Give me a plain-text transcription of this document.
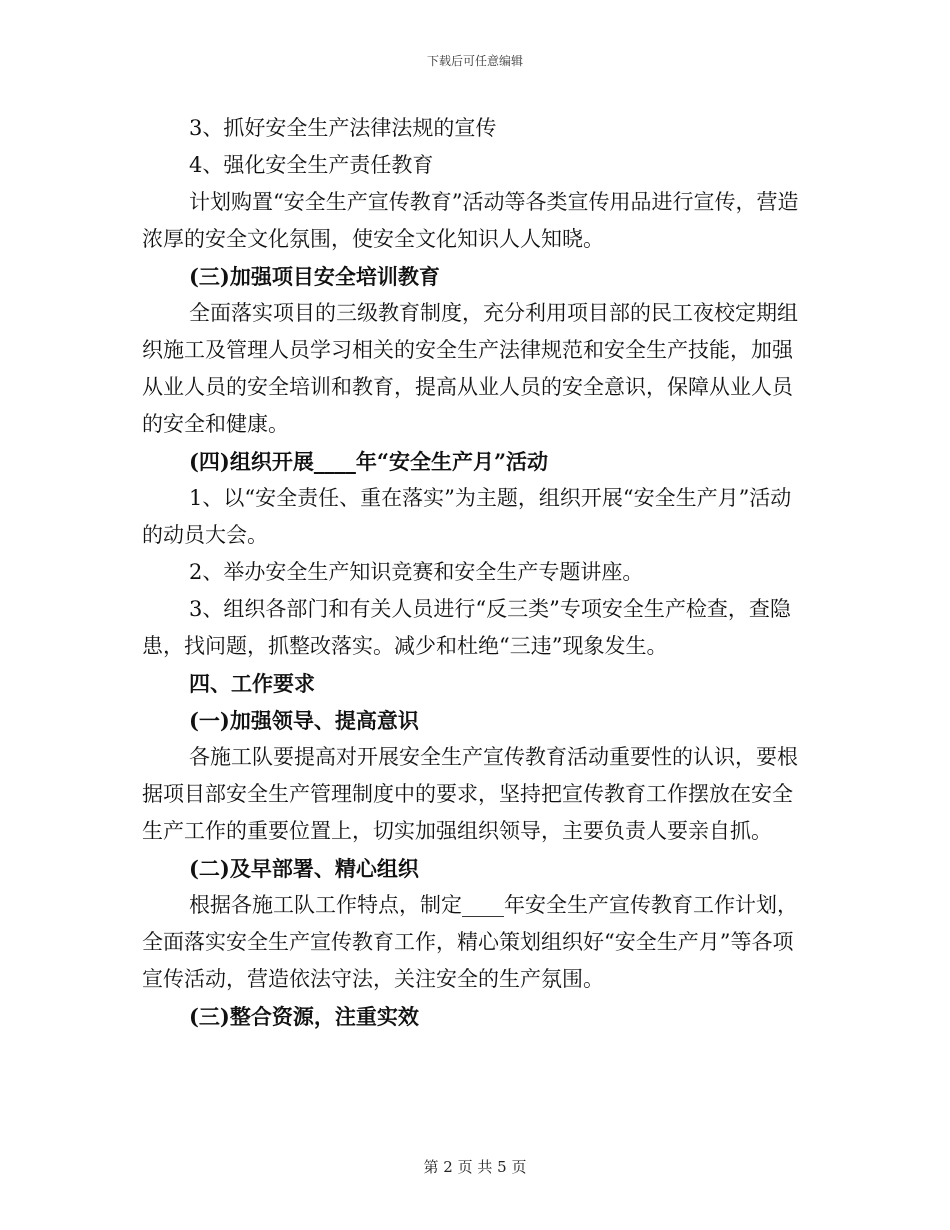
下载后可任意编辑

3、抓好安全生产法律法规的宣传

4、强化安全生产责任教育

计划购置“安全生产宣传教育”活动等各类宣传用品进行宣传，营造浓厚的安全文化氛围，使安全文化知识人人知晓。

(三)加强项目安全培训教育

全面落实项目的三级教育制度，充分利用项目部的民工夜校定期组织施工及管理人员学习相关的安全生产法律规范和安全生产技能，加强从业人员的安全培训和教育，提高从业人员的安全意识，保障从业人员的安全和健康。

(四)组织开展____年“安全生产月”活动

1、以“安全责任、重在落实”为主题，组织开展“安全生产月”活动的动员大会。

2、举办安全生产知识竞赛和安全生产专题讲座。

3、组织各部门和有关人员进行“反三类”专项安全生产检查，查隐患，找问题，抓整改落实。减少和杜绝“三违”现象发生。

四、工作要求

(一)加强领导、提高意识

各施工队要提高对开展安全生产宣传教育活动重要性的认识，要根据项目部安全生产管理制度中的要求，坚持把宣传教育工作摆放在安全生产工作的重要位置上，切实加强组织领导，主要负责人要亲自抓。

(二)及早部署、精心组织

根据各施工队工作特点，制定____年安全生产宣传教育工作计划，全面落实安全生产宣传教育工作，精心策划组织好“安全生产月”等各项宣传活动，营造依法守法，关注安全的生产氛围。

(三)整合资源，注重实效

第 2 页 共 5 页
